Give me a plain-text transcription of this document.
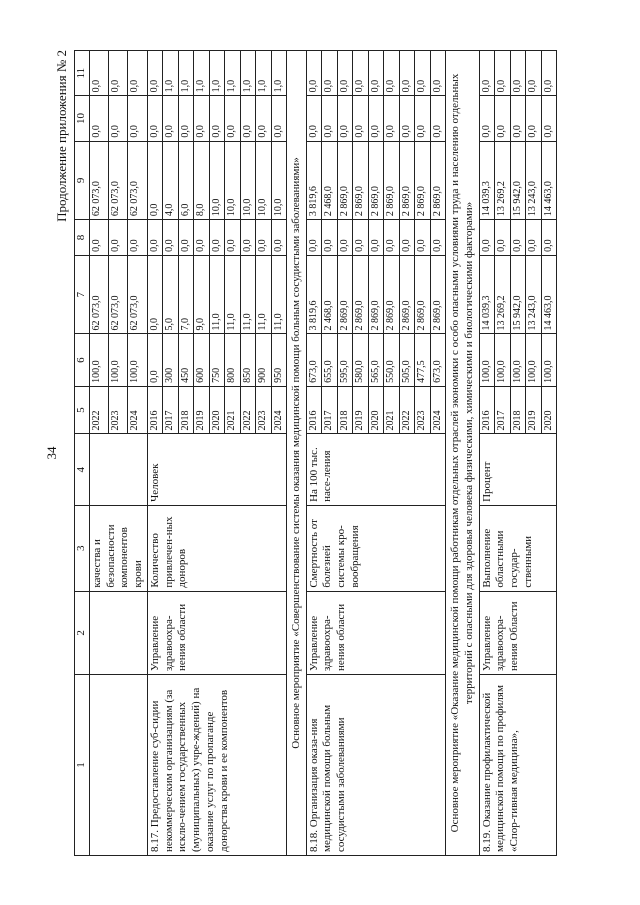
34
Продолжение приложения № 2
1	2	3	4	5	6	7	8	9	10	11
		качества и безопасности компонентов крови		2022	100,0	62 073,0	0,0	62 073,0	0,0	0,0
				2023	100,0	62 073,0	0,0	62 073,0	0,0	0,0
				2024	100,0	62 073,0	0,0	62 073,0	0,0	0,0
8.17. Предоставление суб-сидии некоммерческим организациям (за исклю-чением государственных (муниципальных) учре-ждений) на оказание услуг по пропаганде донорства крови и ее компонентов	Управление здравоохра-нения области	Количество привлечен-ных доноров	Человек	2016	0,0	0,0	0,0	0,0	0,0	0,0
				2017	300	5,0	0,0	4,0	0,0	1,0
				2018	450	7,0	0,0	6,0	0,0	1,0
				2019	600	9,0	0,0	8,0	0,0	1,0
				2020	750	11,0	0,0	10,0	0,0	1,0
				2021	800	11,0	0,0	10,0	0,0	1,0
				2022	850	11,0	0,0	10,0	0,0	1,0
				2023	900	11,0	0,0	10,0	0,0	1,0
				2024	950	11,0	0,0	10,0	0,0	1,0
Основное мероприятие «Совершенствование системы оказания медицинской помощи больным сосудистыми заболеваниями»										
8.18. Организация оказа-ния медицинской помощи больным сосудистыми заболеваниями	Управление здравоохра-нения области	Смертность от болезней системы кро-вообращения	На 100 тыс. насе-ления	2016	673,0	3 819,6	0,0	3 819,6	0,0	0,0
				2017	655,0	2 468,0	0,0	2 468,0	0,0	0,0
				2018	595,0	2 869,0	0,0	2 869,0	0,0	0,0
				2019	580,0	2 869,0	0,0	2 869,0	0,0	0,0
				2020	565,0	2 869,0	0,0	2 869,0	0,0	0,0
				2021	550,0	2 869,0	0,0	2 869,0	0,0	0,0
				2022	505,0	2 869,0	0,0	2 869,0	0,0	0,0
				2023	477,5	2 869,0	0,0	2 869,0	0,0	0,0
				2024	673,0	2 869,0	0,0	2 869,0	0,0	0,0
Основное мероприятие «Оказание медицинской помощи работникам отдельных отраслей экономики с особо опасными условиями труда и населению отдельных территорий с опасными для здоровья человека физическими, химическими и биологическими факторами»										
8.19. Оказание профилактической медицинской помощи по профилям «Спор-тивная медицина»,	Управление здравоохра-нения Области	Выполнение областными государ-ственными	Процент	2016	100,0	14 039,3	0,0	14 039,3	0,0	0,0
				2017	100,0	13 269,2	0,0	13 269,2	0,0	0,0
				2018	100,0	15 942,0	0,0	15 942,0	0,0	0,0
				2019	100,0	13 243,0	0,0	13 243,0	0,0	0,0
				2020	100,0	14 463,0	0,0	14 463,0	0,0	0,0
